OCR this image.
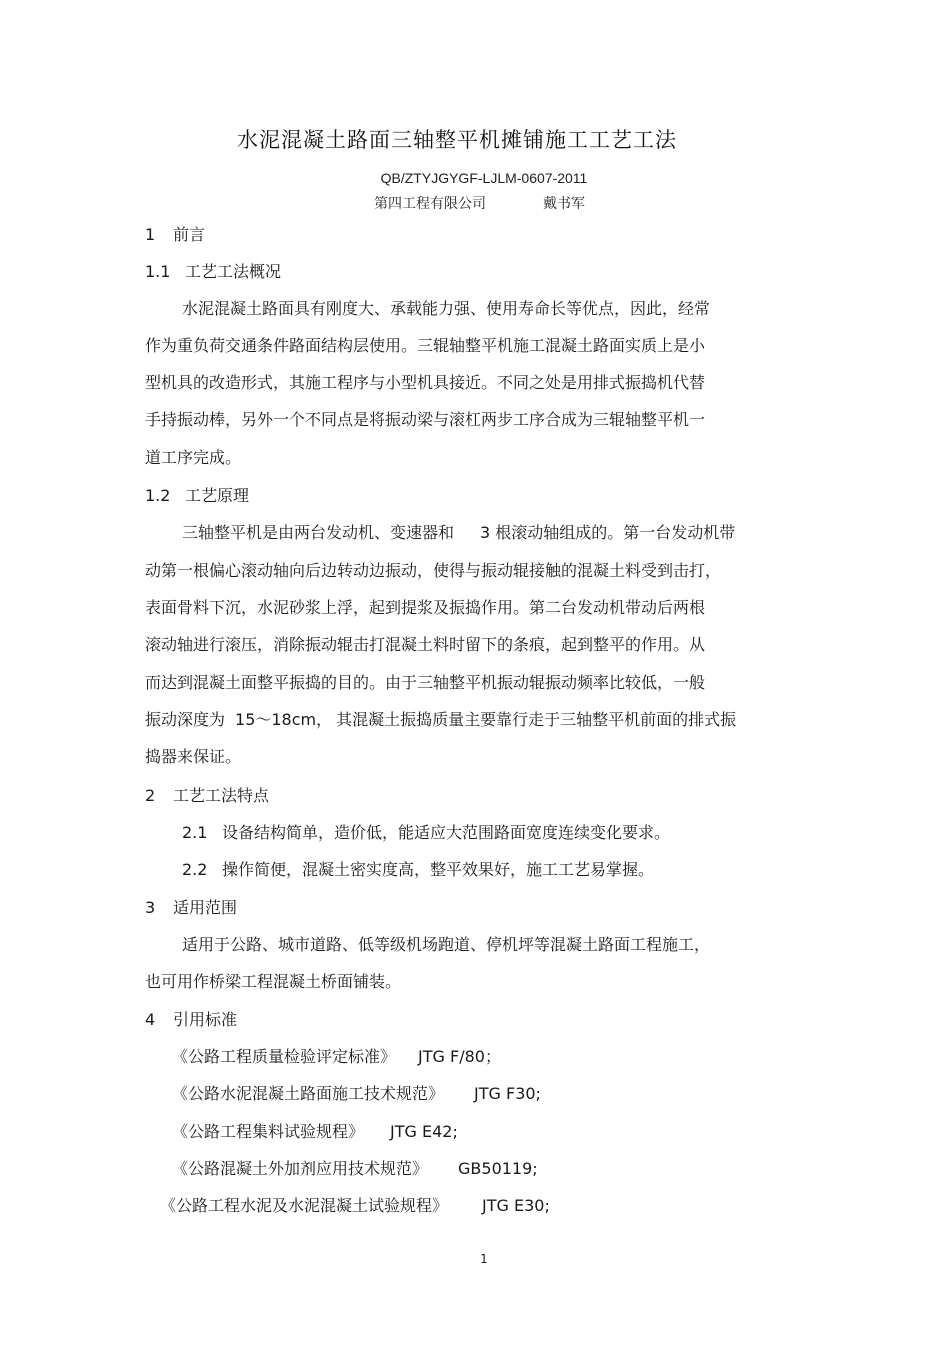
水泥混凝土路面三轴整平机摊铺施工工艺工法
QB/ZTYJGYGF-LJLM-0607-2011
第四工程有限公司	戴书军
1 前言
1.1 工艺工法概况
水泥混凝土路面具有刚度大、承载能力强、使用寿命长等优点，因此，经常
作为重负荷交通条件路面结构层使用。三辊轴整平机施工混凝土路面实质上是小
型机具的改造形式，其施工程序与小型机具接近。不同之处是用排式振捣机代替
手持振动棒，另外一个不同点是将振动梁与滚杠两步工序合成为三辊轴整平机一
道工序完成。
1.2 工艺原理
三轴整平机是由两台发动机、变速器和 3 根滚动轴组成的。第一台发动机带
动第一根偏心滚动轴向后边转动边振动，使得与振动辊接触的混凝土料受到击打，
表面骨料下沉，水泥砂浆上浮，起到提浆及振捣作用。第二台发动机带动后两根
滚动轴进行滚压，消除振动辊击打混凝土料时留下的条痕，起到整平的作用。从
而达到混凝土面整平振捣的目的。由于三轴整平机振动辊振动频率比较低，一般
振动深度为 15～18cm， 其混凝土振捣质量主要靠行走于三轴整平机前面的排式振
捣器来保证。
2 工艺工法特点
2.1 设备结构简单，造价低，能适应大范围路面宽度连续变化要求。
2.2 操作简便，混凝土密实度高，整平效果好，施工工艺易掌握。
3 适用范围
适用于公路、城市道路、低等级机场跑道、停机坪等混凝土路面工程施工，
也可用作桥梁工程混凝土桥面铺装。
4 引用标准
《公路工程质量检验评定标准》 JTG F/80；
《公路水泥混凝土路面施工技术规范》 JTG F30;
《公路工程集料试验规程》 JTG E42;
《公路混凝土外加剂应用技术规范》 GB50119;
《公路工程水泥及水泥混凝土试验规程》 JTG E30;
1
